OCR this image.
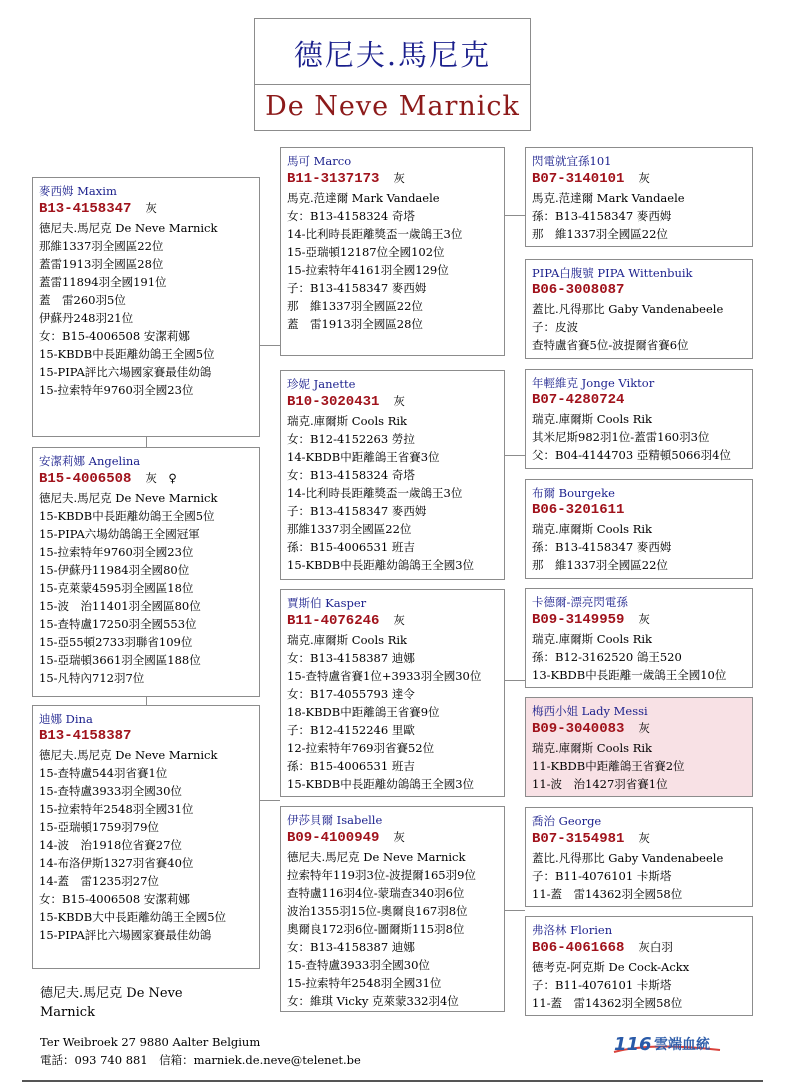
德尼夫.馬尼克
De Neve Marnick
麥西姆 Maxim
B13-4158347　 灰
德尼夫.馬尼克 De Neve Marnick
那維1337羽全國區22位
蓋雷1913羽全國區28位
蓋雷11894羽全國191位
蓋　雷260羽5位
伊蘇丹248羽21位
女：B15-4006508 安潔莉娜
15-KBDB中長距離幼鴿王全國5位
15-PIPA評比六場國家賽最佳幼鴿
15-拉索特年9760羽全國23位
安潔莉娜 Angelina
B15-4006508　 灰　♀
德尼夫.馬尼克 De Neve Marnick
15-KBDB中長距離幼鴿王全國5位
15-PIPA六場幼鴿鴿王全國冠軍
15-拉索特年9760羽全國23位
15-伊蘇丹11984羽全國80位
15-克萊蒙4595羽全國區18位
15-波　治11401羽全國區80位
15-查特盧17250羽全國553位
15-亞55頓2733羽聯省109位
15-亞瑞頓3661羽全國區188位
15-凡特內712羽7位
迪娜 Dina
B13-4158387
德尼夫.馬尼克 De Neve Marnick
15-查特盧544羽省賽1位
15-查特盧3933羽全國30位
15-拉索特年2548羽全國31位
15-亞瑞頓1759羽79位
14-波　治1918位省賽27位
14-布洛伊斯1327羽省賽40位
14-蓋　雷1235羽27位
女：B15-4006508 安潔莉娜
15-KBDB大中長距離幼鴿王全國5位
15-PIPA評比六場國家賽最佳幼鴿
馬可 Marco
B11-3137173　 灰
馬克.范達爾 Mark Vandaele
女：B13-4158324 奇塔
14-比利時長距離獎盃一歲鴿王3位
15-亞瑞頓12187位全國102位
15-拉索特年4161羽全國129位
子：B13-4158347 麥西姆
那　維1337羽全國區22位
蓋　雷1913羽全國區28位
珍妮 Janette
B10-3020431　 灰
瑞克.庫爾斯 Cools Rik
女：B12-4152263 勞拉
14-KBDB中距離鴿王省賽3位
女：B13-4158324 奇塔
14-比利時長距離獎盃一歲鴿王3位
子：B13-4158347 麥西姆
那維1337羽全國區22位
孫：B15-4006531 班吉
15-KBDB中長距離幼鴿鴿王全國3位
賈斯伯 Kasper
B11-4076246　 灰
瑞克.庫爾斯 Cools Rik
女：B13-4158387 迪娜
15-查特盧省賽1位+3933羽全國30位
女：B17-4055793 達令
18-KBDB中距離鴿王省賽9位
子：B12-4152246 里歐
12-拉索特年769羽省賽52位
孫：B15-4006531 班吉
15-KBDB中長距離幼鴿鴿王全國3位
伊莎貝爾 Isabelle
B09-4100949　 灰
德尼夫.馬尼克 De Neve Marnick
拉索特年119羽3位-波提爾165羽9位
查特盧116羽4位-蒙瑞查340羽6位
波治1355羽15位-奧爾良167羽8位
奧爾良172羽6位-圖爾斯115羽8位
女：B13-4158387 迪娜
15-查特盧3933羽全國30位
15-拉索特年2548羽全國31位
女：維琪 Vicky 克萊蒙332羽4位
閃電就宜孫101
B07-3140101　 灰
馬克.范達爾 Mark Vandaele
孫：B13-4158347 麥西姆
那　維1337羽全國區22位
PIPA白腹號 PIPA Wittenbuik
B06-3008087
蓋比.凡得那比 Gaby Vandenabeele
子：皮波
查特盧省賽5位-波提爾省賽6位
年輕維克 Jonge Viktor
B07-4280724
瑞克.庫爾斯 Cools Rik
其米尼斯982羽1位-蓋雷160羽3位
父：B04-4144703 亞精頓5066羽4位
布爾 Bourgeke
B06-3201611
瑞克.庫爾斯 Cools Rik
孫：B13-4158347 麥西姆
那　維1337羽全國區22位
卡德爾-漂亮閃電孫
B09-3149959　 灰
瑞克.庫爾斯 Cools Rik
孫：B12-3162520 鴿王520
13-KBDB中長距離一歲鴿王全國10位
梅西小姐 Lady Messi
B09-3040083　 灰
瑞克.庫爾斯 Cools Rik
11-KBDB中距離鴿王省賽2位
11-波　治1427羽省賽1位
喬治 George
B07-3154981　 灰
蓋比.凡得那比 Gaby Vandenabeele
子：B11-4076101 卡斯塔
11-蓋　雷14362羽全國58位
弗洛林 Florien
B06-4061668　 灰白羽
德考克-阿克斯 De Cock-Ackx
子：B11-4076101 卡斯塔
11-蓋　雷14362羽全國58位
德尼夫.馬尼克 De Neve Marnick
Ter Weibroek 27 9880 Aalter Belgium
電話：093 740 881　信箱：marniek.de.neve@telenet.be
116 雲端血統
